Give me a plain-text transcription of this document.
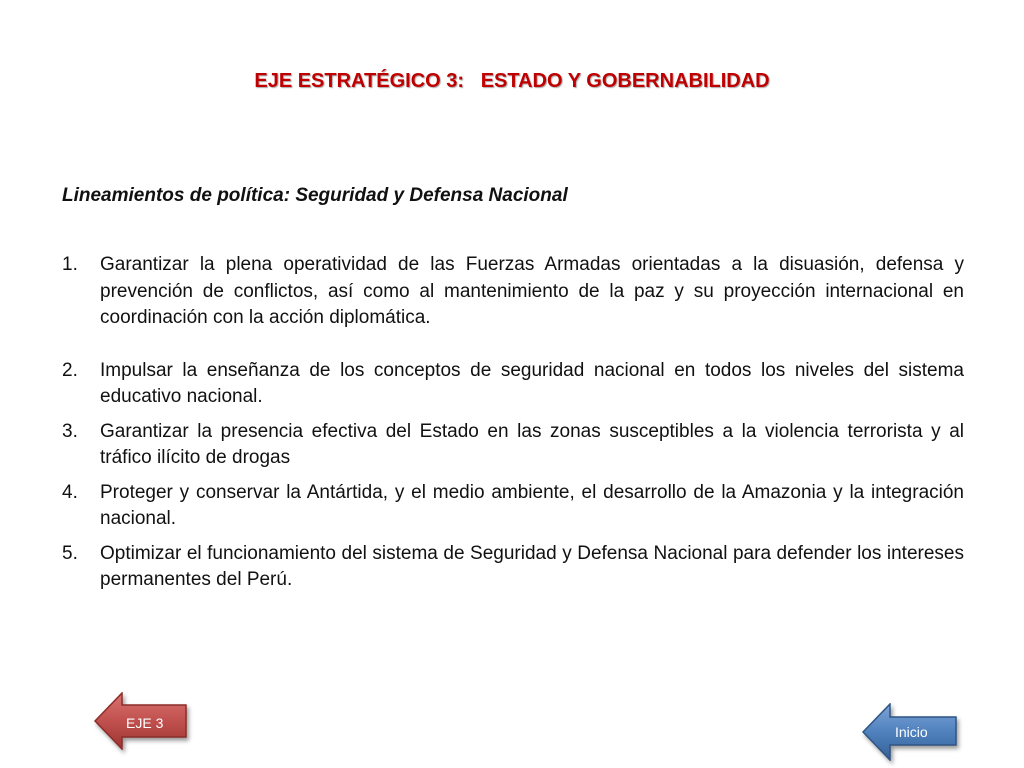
EJE ESTRATÉGICO 3:   ESTADO Y GOBERNABILIDAD
Lineamientos de política: Seguridad y Defensa Nacional
1. Garantizar la plena operatividad de las Fuerzas Armadas orientadas a la disuasión, defensa y prevención de conflictos, así como al mantenimiento de la paz y su proyección internacional en coordinación con la acción diplomática.
2. Impulsar la enseñanza de los conceptos de seguridad nacional en todos los niveles del sistema educativo nacional.
3. Garantizar la presencia efectiva del Estado en las zonas susceptibles a la violencia terrorista y al tráfico ilícito de drogas
4. Proteger y conservar la Antártida, y el medio ambiente, el desarrollo de la Amazonia y la integración nacional.
5. Optimizar el funcionamiento del sistema de Seguridad y Defensa Nacional para defender los intereses permanentes del Perú.
EJE 3
Inicio
